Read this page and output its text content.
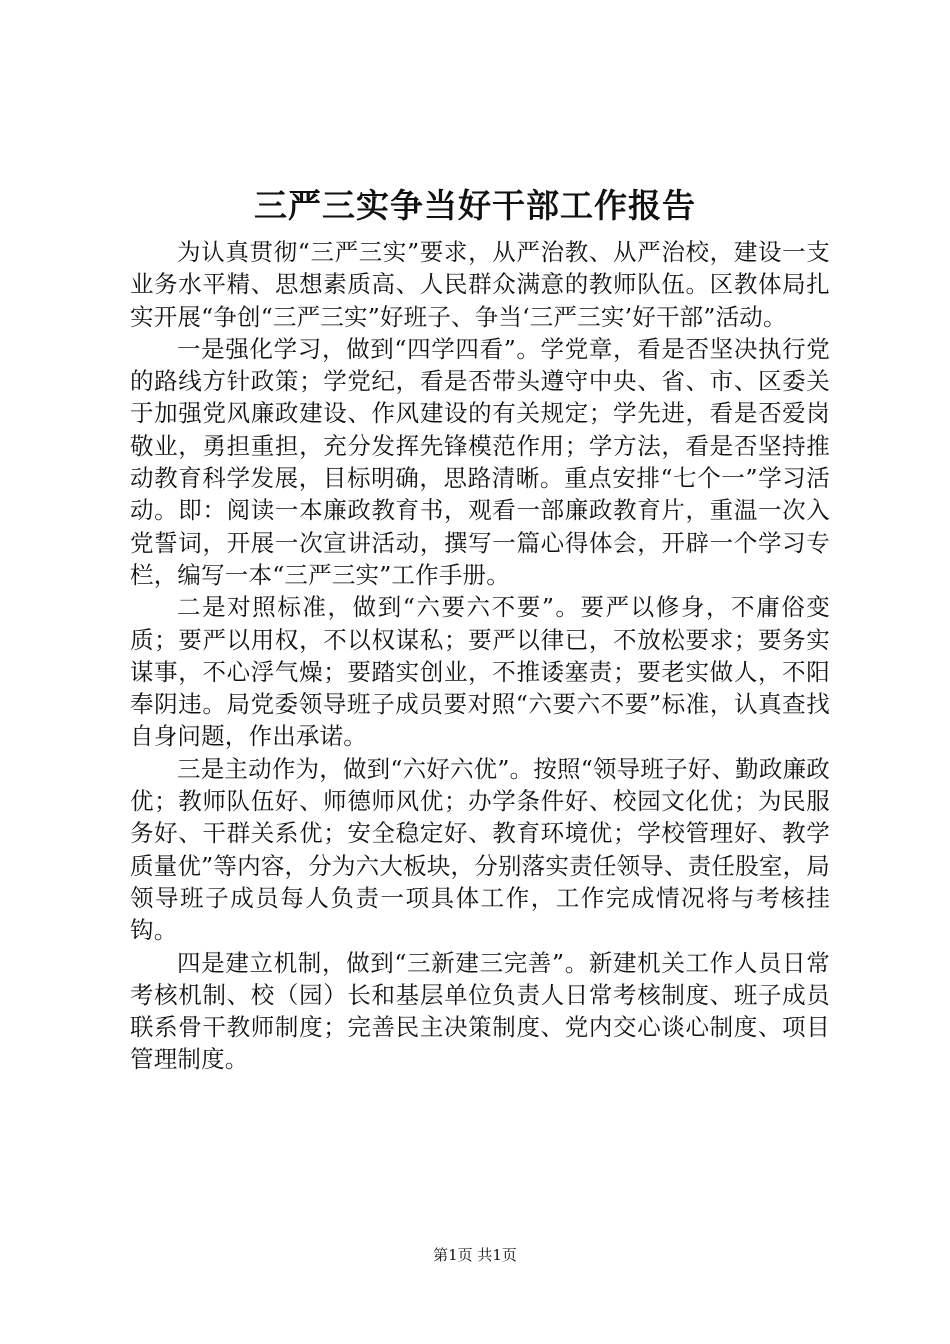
三严三实争当好干部工作报告

为认真贯彻“三严三实”要求，从严治教、从严治校，建设一支业务水平精、思想素质高、人民群众满意的教师队伍。区教体局扎实开展“争创“三严三实”好班子、争当‘三严三实’好干部”活动。

一是强化学习，做到“四学四看”。学党章，看是否坚决执行党的路线方针政策；学党纪，看是否带头遵守中央、省、市、区委关于加强党风廉政建设、作风建设的有关规定；学先进，看是否爱岗敬业，勇担重担，充分发挥先锋模范作用；学方法，看是否坚持推动教育科学发展，目标明确，思路清晰。重点安排“七个一”学习活动。即：阅读一本廉政教育书，观看一部廉政教育片，重温一次入党誓词，开展一次宣讲活动，撰写一篇心得体会，开辟一个学习专栏，编写一本“三严三实”工作手册。

二是对照标准，做到“六要六不要”。要严以修身，不庸俗变质；要严以用权，不以权谋私；要严以律已，不放松要求；要务实谋事，不心浮气燥；要踏实创业，不推诿塞责；要老实做人，不阳奉阴违。局党委领导班子成员要对照“六要六不要”标准，认真查找自身问题，作出承诺。

三是主动作为，做到“六好六优”。按照“领导班子好、勤政廉政优；教师队伍好、师德师风优；办学条件好、校园文化优；为民服务好、干群关系优；安全稳定好、教育环境优；学校管理好、教学质量优”等内容，分为六大板块，分别落实责任领导、责任股室，局领导班子成员每人负责一项具体工作，工作完成情况将与考核挂钩。

四是建立机制，做到“三新建三完善”。新建机关工作人员日常考核机制、校（园）长和基层单位负责人日常考核制度、班子成员联系骨干教师制度；完善民主决策制度、党内交心谈心制度、项目管理制度。

第1页 共1页
